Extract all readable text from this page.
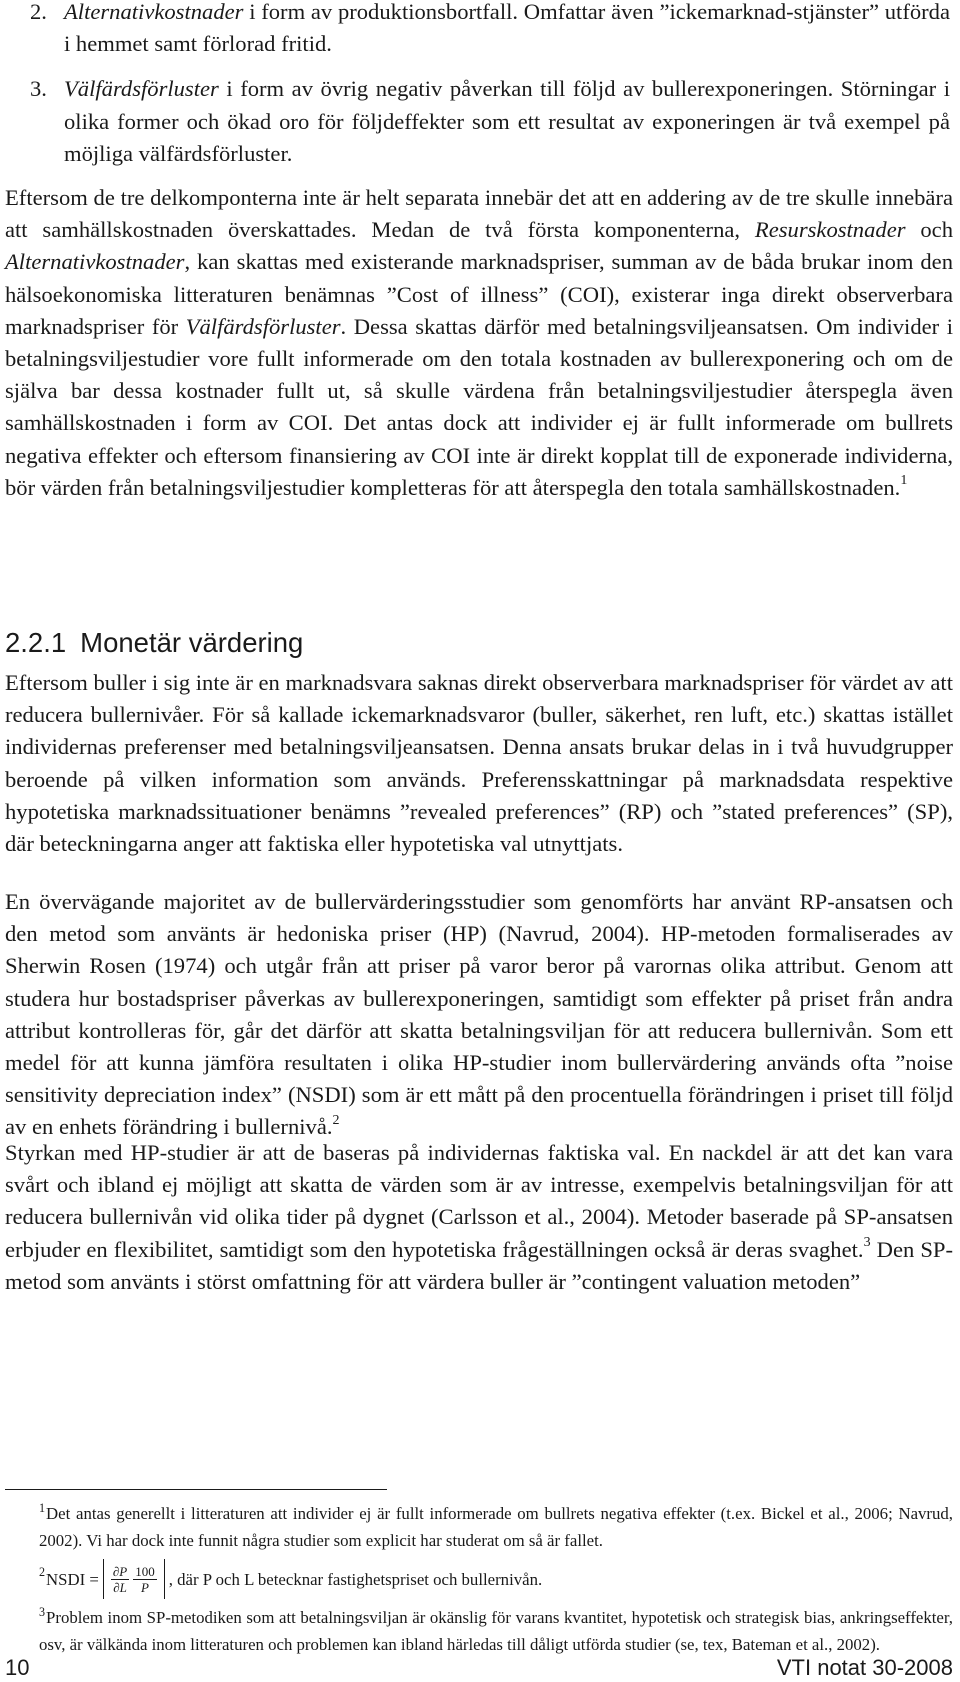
2. Alternativkostnader i form av produktionsbortfall. Omfattar även ”ickemarknad-stjänster” utförda i hemmet samt förlorad fritid.
3. Välfärdsförluster i form av övrig negativ påverkan till följd av bullerexponeringen. Störningar i olika former och ökad oro för följdeffekter som ett resultat av exponeringen är två exempel på möjliga välfärdsförluster.

Eftersom de tre delkomponterna inte är helt separata innebär det att en addering av de tre skulle innebära att samhällskostnaden överskattades. Medan de två första komponenterna, Resurskostnader och Alternativkostnader, kan skattas med existerande marknadspriser, summan av de båda brukar inom den hälsoekonomiska litteraturen benämnas ”Cost of illness” (COI), existerar inga direkt observerbara marknadspriser för Välfärdsförluster. Dessa skattas därför med betalningsviljeansatsen. Om individer i betalningsviljestudier vore fullt informerade om den totala kostnaden av bullerexponering och om de själva bar dessa kostnader fullt ut, så skulle värdena från betalningsviljestudier återspegla även samhällskostnaden i form av COI. Det antas dock att individer ej är fullt informerade om bullrets negativa effekter och eftersom finansiering av COI inte är direkt kopplat till de exponerade individerna, bör värden från betalningsviljestudier kompletteras för att återspegla den totala samhällskostnaden.$^1$

2.2.1 Monetär värdering

Eftersom buller i sig inte är en marknadsvara saknas direkt observerbara marknadspriser för värdet av att reducera bullernivåer. För så kallade ickemarknadsvaror (buller, säkerhet, ren luft, etc.) skattas istället individernas preferenser med betalningsviljeansatsen. Denna ansats brukar delas in i två huvudgrupper beroende på vilken information som används. Preferensskattningar på marknadsdata respektive hypotetiska marknadssituationer benämns ”revealed preferences” (RP) och ”stated preferences” (SP), där beteckningarna anger att faktiska eller hypotetiska val utnyttjats.

En övervägande majoritet av de bullervärderingsstudier som genomförts har använt RP-ansatsen och den metod som använts är hedoniska priser (HP) (Navrud, 2004). HP-metoden formaliserades av Sherwin Rosen (1974) och utgår från att priser på varor beror på varornas olika attribut. Genom att studera hur bostadspriser påverkas av bullerexponeringen, samtidigt som effekter på priset från andra attribut kontrolleras för, går det därför att skatta betalningsviljan för att reducera bullernivån. Som ett medel för att kunna jämföra resultaten i olika HP-studier inom bullervärdering används ofta ”noise sensitivity depreciation index” (NSDI) som är ett mått på den procentuella förändringen i priset till följd av en enhets förändring i bullernivå.$^2$

Styrkan med HP-studier är att de baseras på individernas faktiska val. En nackdel är att det kan vara svårt och ibland ej möjligt att skatta de värden som är av intresse, exempelvis betalningsviljan för att reducera bullernivån vid olika tider på dygnet (Carlsson et al., 2004). Metoder baserade på SP-ansatsen erbjuder en flexibilitet, samtidigt som den hypotetiska frågeställningen också är deras svaghet.$^3$ Den SP-metod som använts i störst omfattning för att värdera buller är ”contingent valuation metoden”

$^1$Det antas generellt i litteraturen att individer ej är fullt informerade om bullrets negativa effekter (t.ex. Bickel et al., 2006; Navrud, 2002). Vi har dock inte funnit några studier som explicit har studerat om så är fallet.

2 NSDI = $\frac{\partial P}{\partial L} \frac{100}{P}$ , där P och L betecknar fastighetspriset och bullernivån.

$^3$Problem inom SP-metodiken som att betalningsviljan är okänslig för varans kvantitet, hypotetisk och strategisk bias, ankringseffekter, osv, är välkända inom litteraturen och problemen kan ibland härledas till dåligt utförda studier (se, tex, Bateman et al., 2002).

10	VTI notat 30-2008
